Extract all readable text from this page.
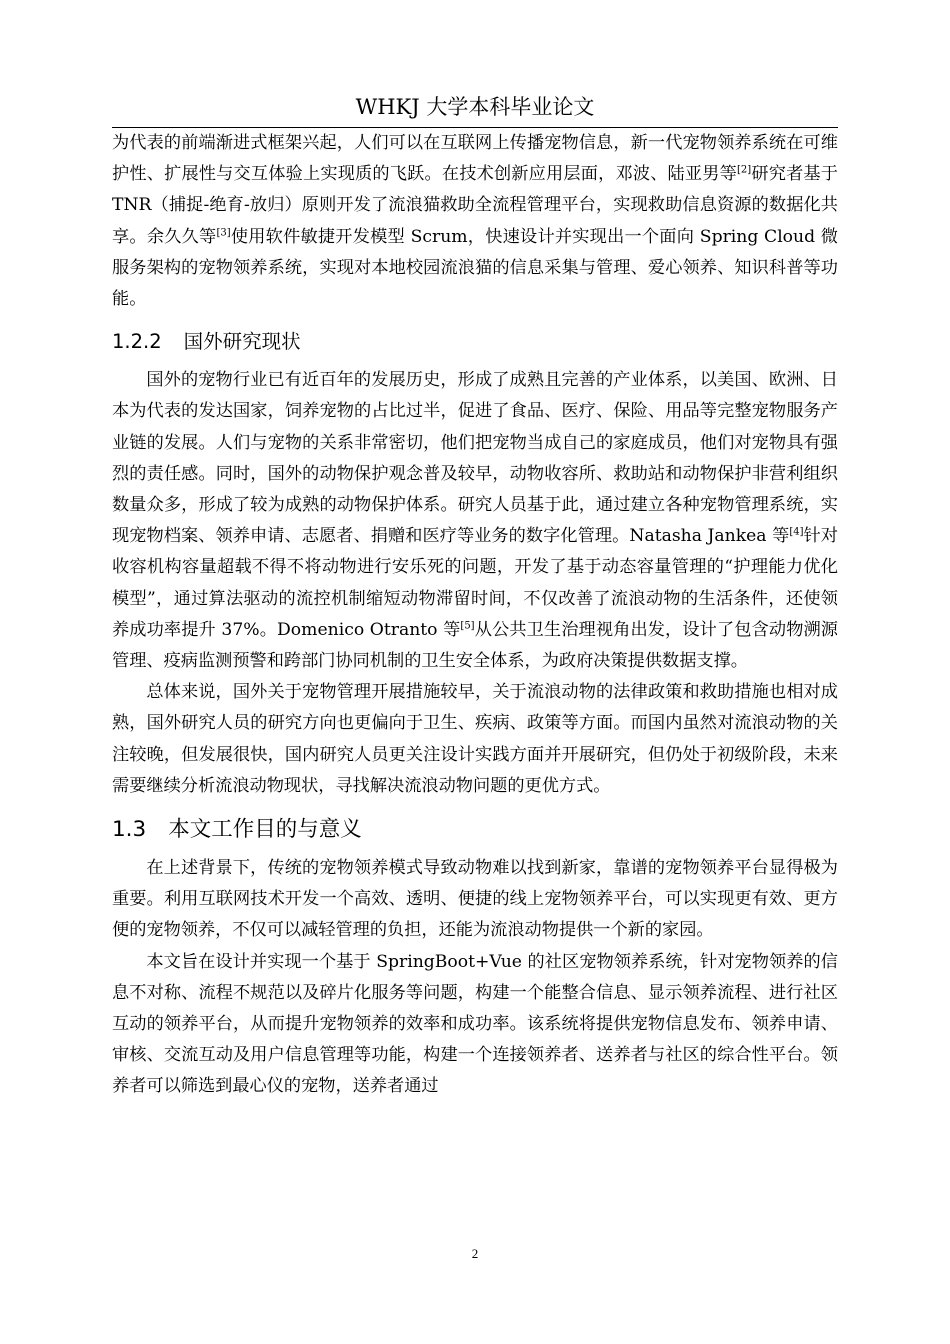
WHKJ 大学本科毕业论文

为代表的前端渐进式框架兴起，人们可以在互联网上传播宠物信息，新一代宠物领养系统在可维护性、扩展性与交互体验上实现质的飞跃。在技术创新应用层面，邓波、陆亚男等[2]研究者基于 TNR（捕捉-绝育-放归）原则开发了流浪猫救助全流程管理平台，实现救助信息资源的数据化共享。余久久等[3]使用软件敏捷开发模型 Scrum，快速设计并实现出一个面向 Spring Cloud 微服务架构的宠物领养系统，实现对本地校园流浪猫的信息采集与管理、爱心领养、知识科普等功能。

1.2.2 国外研究现状

国外的宠物行业已有近百年的发展历史，形成了成熟且完善的产业体系，以美国、欧洲、日本为代表的发达国家，饲养宠物的占比过半，促进了食品、医疗、保险、用品等完整宠物服务产业链的发展。人们与宠物的关系非常密切，他们把宠物当成自己的家庭成员，他们对宠物具有强烈的责任感。同时，国外的动物保护观念普及较早，动物收容所、救助站和动物保护非营利组织数量众多，形成了较为成熟的动物保护体系。研究人员基于此，通过建立各种宠物管理系统，实现宠物档案、领养申请、志愿者、捐赠和医疗等业务的数字化管理。Natasha Jankea 等[4]针对收容机构容量超载不得不将动物进行安乐死的问题，开发了基于动态容量管理的“护理能力优化模型”，通过算法驱动的流控机制缩短动物滞留时间，不仅改善了流浪动物的生活条件，还使领养成功率提升 37%。Domenico Otranto 等[5]从公共卫生治理视角出发，设计了包含动物溯源管理、疫病监测预警和跨部门协同机制的卫生安全体系，为政府决策提供数据支撑。

总体来说，国外关于宠物管理开展措施较早，关于流浪动物的法律政策和救助措施也相对成熟，国外研究人员的研究方向也更偏向于卫生、疾病、政策等方面。而国内虽然对流浪动物的关注较晚，但发展很快，国内研究人员更关注设计实践方面并开展研究，但仍处于初级阶段，未来需要继续分析流浪动物现状，寻找解决流浪动物问题的更优方式。

1.3 本文工作目的与意义

在上述背景下，传统的宠物领养模式导致动物难以找到新家，靠谱的宠物领养平台显得极为重要。利用互联网技术开发一个高效、透明、便捷的线上宠物领养平台，可以实现更有效、更方便的宠物领养，不仅可以减轻管理的负担，还能为流浪动物提供一个新的家园。

本文旨在设计并实现一个基于 SpringBoot+Vue 的社区宠物领养系统，针对宠物领养的信息不对称、流程不规范以及碎片化服务等问题，构建一个能整合信息、显示领养流程、进行社区互动的领养平台，从而提升宠物领养的效率和成功率。该系统将提供宠物信息发布、领养申请、审核、交流互动及用户信息管理等功能，构建一个连接领养者、送养者与社区的综合性平台。领养者可以筛选到最心仪的宠物，送养者通过

2
